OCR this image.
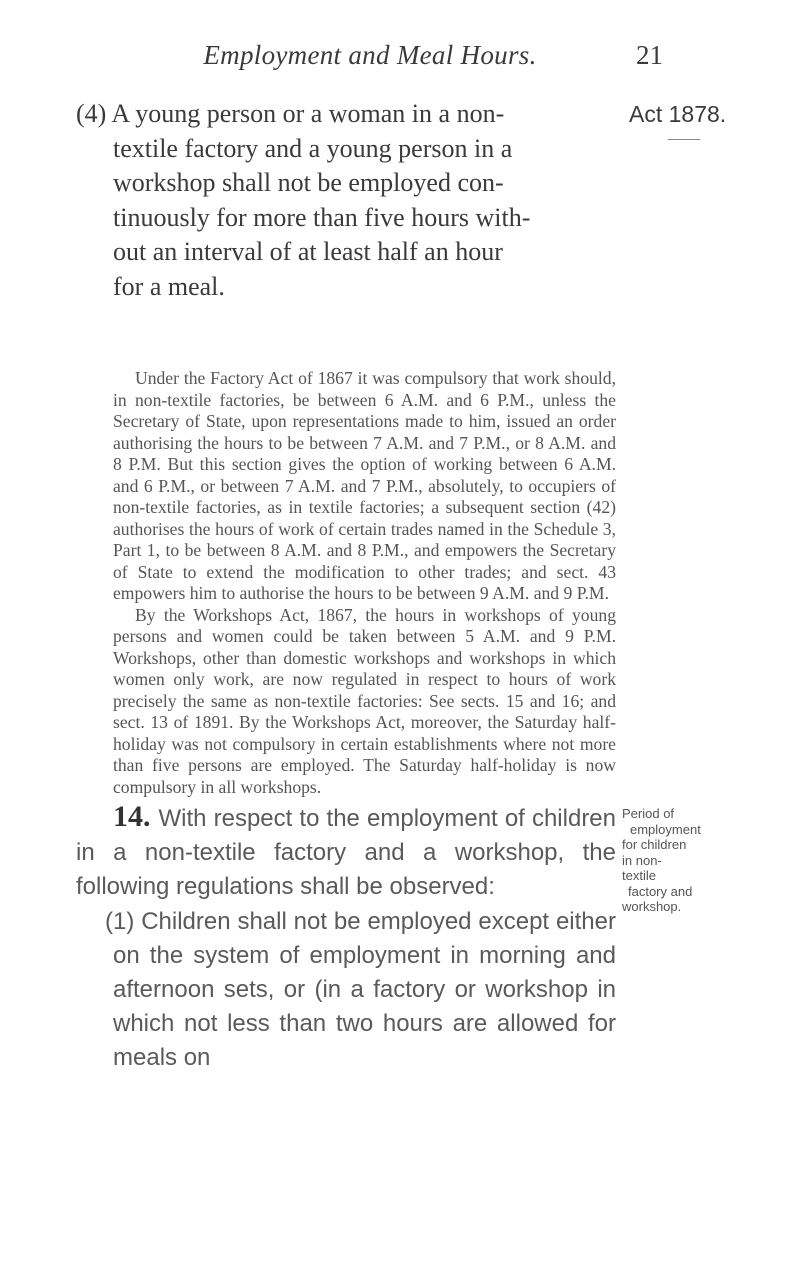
Employment and Meal Hours.	21
(4) A young person or a woman in a non-
textile factory and a young person in a
workshop shall not be employed con-
tinuously for more than five hours with-
out an interval of at least half an hour
for a meal.
Act 1878.

Under the Factory Act of 1867 it was compulsory that work should, in non-textile factories, be between 6 A.M. and 6 P.M., unless the Secretary of State, upon representations made to him, issued an order authorising the hours to be between 7 A.M. and 7 P.M., or 8 A.M. and 8 P.M. But this section gives the option of working between 6 A.M. and 6 P.M., or between 7 A.M. and 7 P.M., absolutely, to occupiers of non-textile factories, as in textile factories; a subsequent section (42) authorises the hours of work of certain trades named in the Schedule 3, Part 1, to be between 8 A.M. and 8 P.M., and empowers the Secretary of State to extend the modification to other trades; and sect. 43 empowers him to authorise the hours to be between 9 A.M. and 9 P.M.

By the Workshops Act, 1867, the hours in workshops of young persons and women could be taken between 5 A.M. and 9 P.M. Workshops, other than domestic workshops and workshops in which women only work, are now regulated in respect to hours of work precisely the same as non-textile factories: See sects. 15 and 16; and sect. 13 of 1891. By the Workshops Act, moreover, the Saturday half-holiday was not compulsory in certain establishments where not more than five persons are employed. The Saturday half-holiday is now compulsory in all workshops.

14. With respect to the employment of children in a non-textile factory and a workshop, the following regulations shall be observed:

(1) Children shall not be employed except either on the system of employment in morning and afternoon sets, or (in a factory or workshop in which not less than two hours are allowed for meals on

Period of
employment
for children
in non-
textile
factory and
workshop.
